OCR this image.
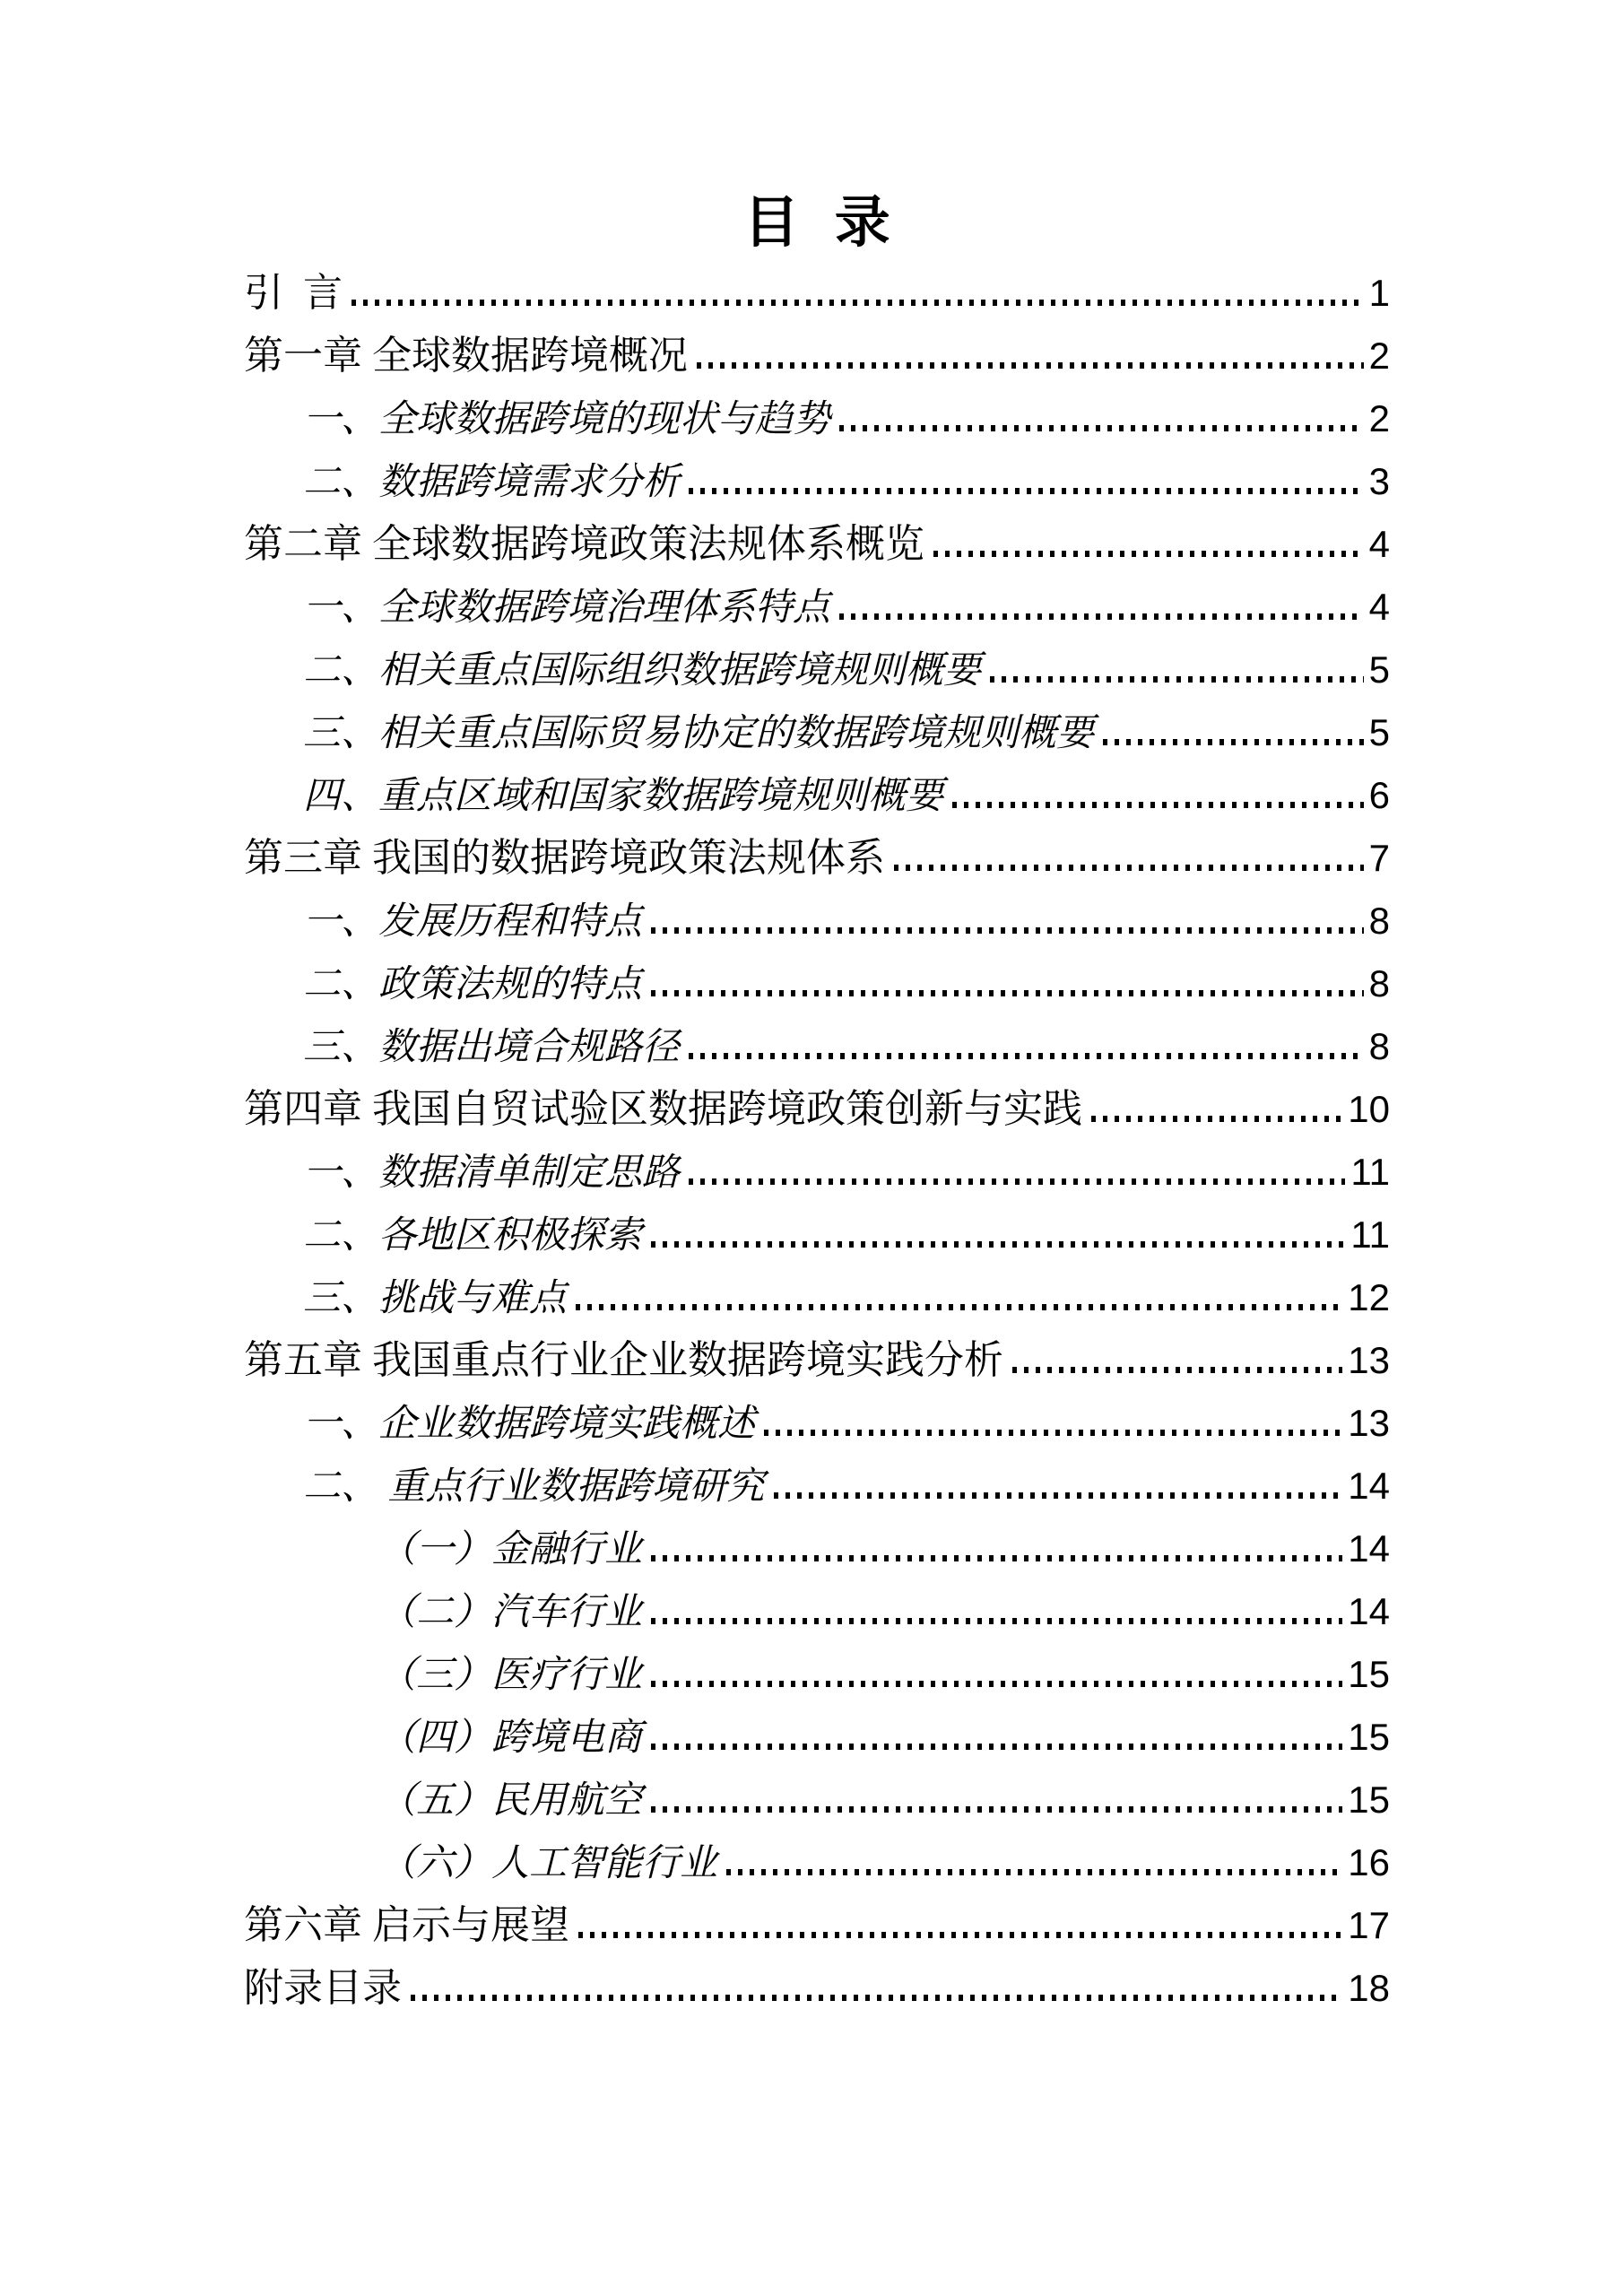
目 录
引  言	1
第一章 全球数据跨境概况	2
一、全球数据跨境的现状与趋势	2
二、数据跨境需求分析	3
第二章 全球数据跨境政策法规体系概览	4
一、全球数据跨境治理体系特点	4
二、相关重点国际组织数据跨境规则概要	5
三、相关重点国际贸易协定的数据跨境规则概要	5
四、重点区域和国家数据跨境规则概要	6
第三章 我国的数据跨境政策法规体系	7
一、发展历程和特点	8
二、政策法规的特点	8
三、数据出境合规路径	8
第四章 我国自贸试验区数据跨境政策创新与实践	10
一、数据清单制定思路	11
二、各地区积极探索	11
三、挑战与难点	12
第五章 我国重点行业企业数据跨境实践分析	13
一、企业数据跨境实践概述	13
二、 重点行业数据跨境研究	14
（一）金融行业	14
（二）汽车行业	14
（三）医疗行业	15
（四）跨境电商	15
（五）民用航空	15
（六）人工智能行业	16
第六章 启示与展望	17
附录目录	18
